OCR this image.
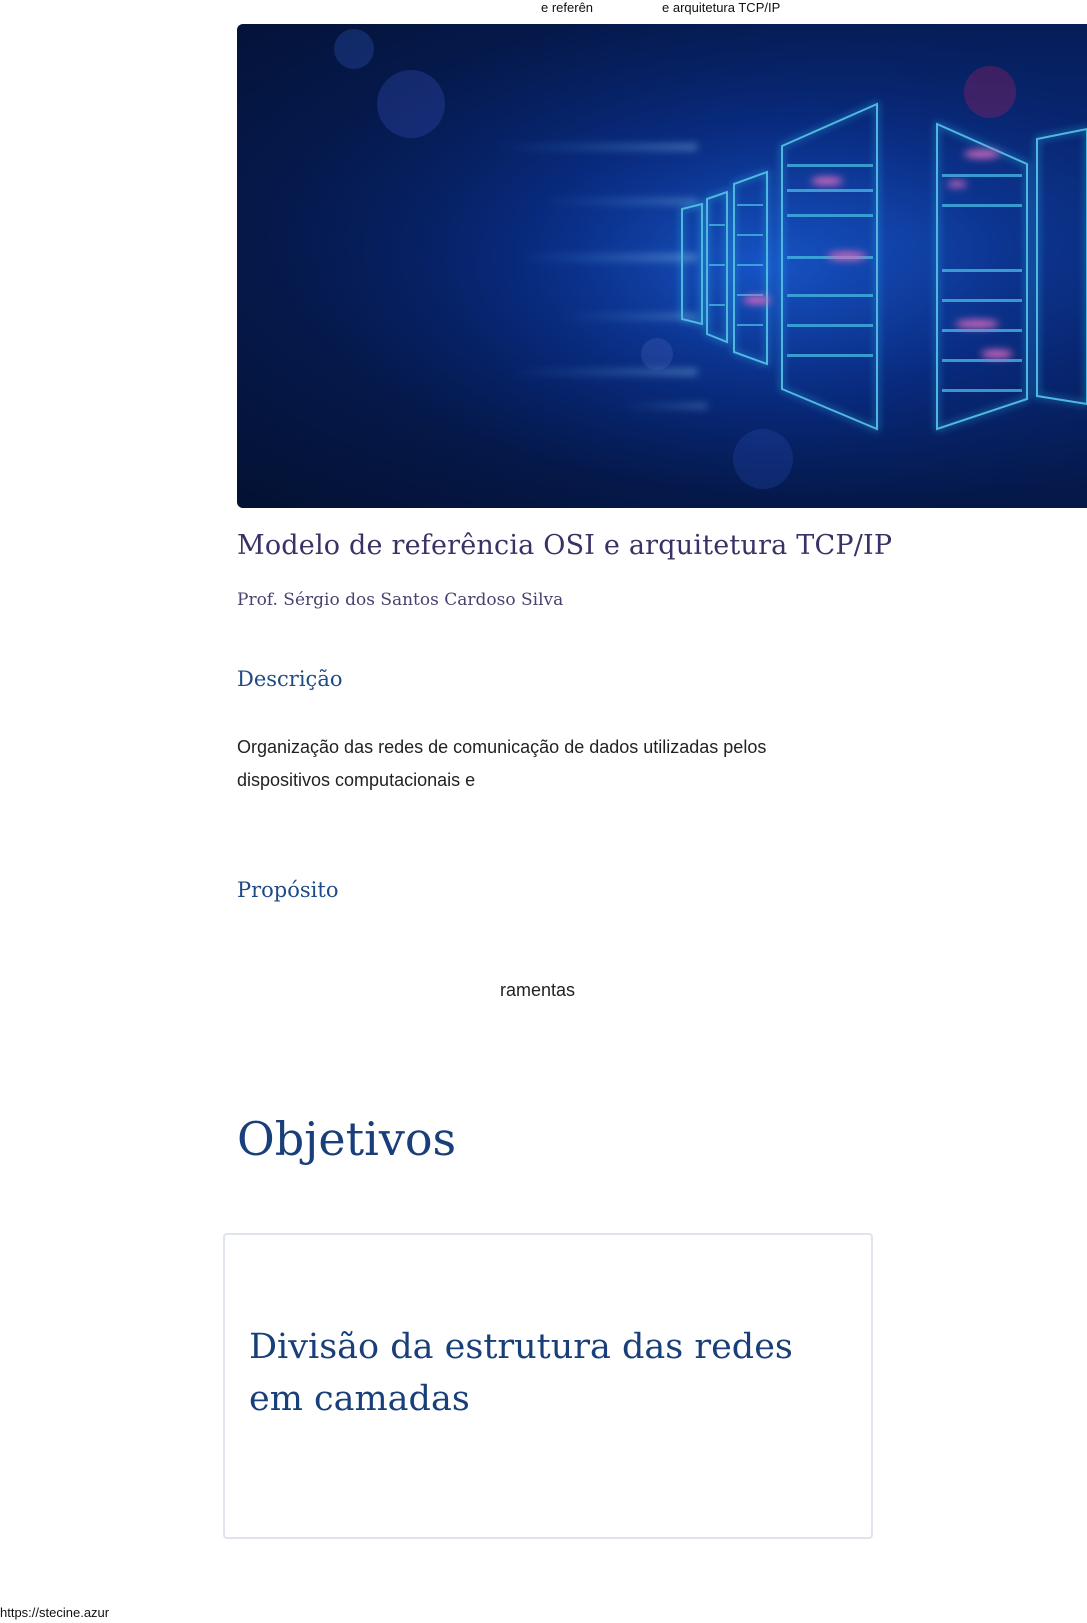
e referên	e arquitetura TCP/IP
Modelo de referência OSI e arquitetura TCP/IP

Prof. Sérgio dos Santos Cardoso Silva

Descrição

Organização das redes de comunicação de dados utilizadas pelos dispositivos computacionais e

Propósito

ramentas

Objetivos
Divisão da estrutura das redes em camadas
https://stecine.azur
